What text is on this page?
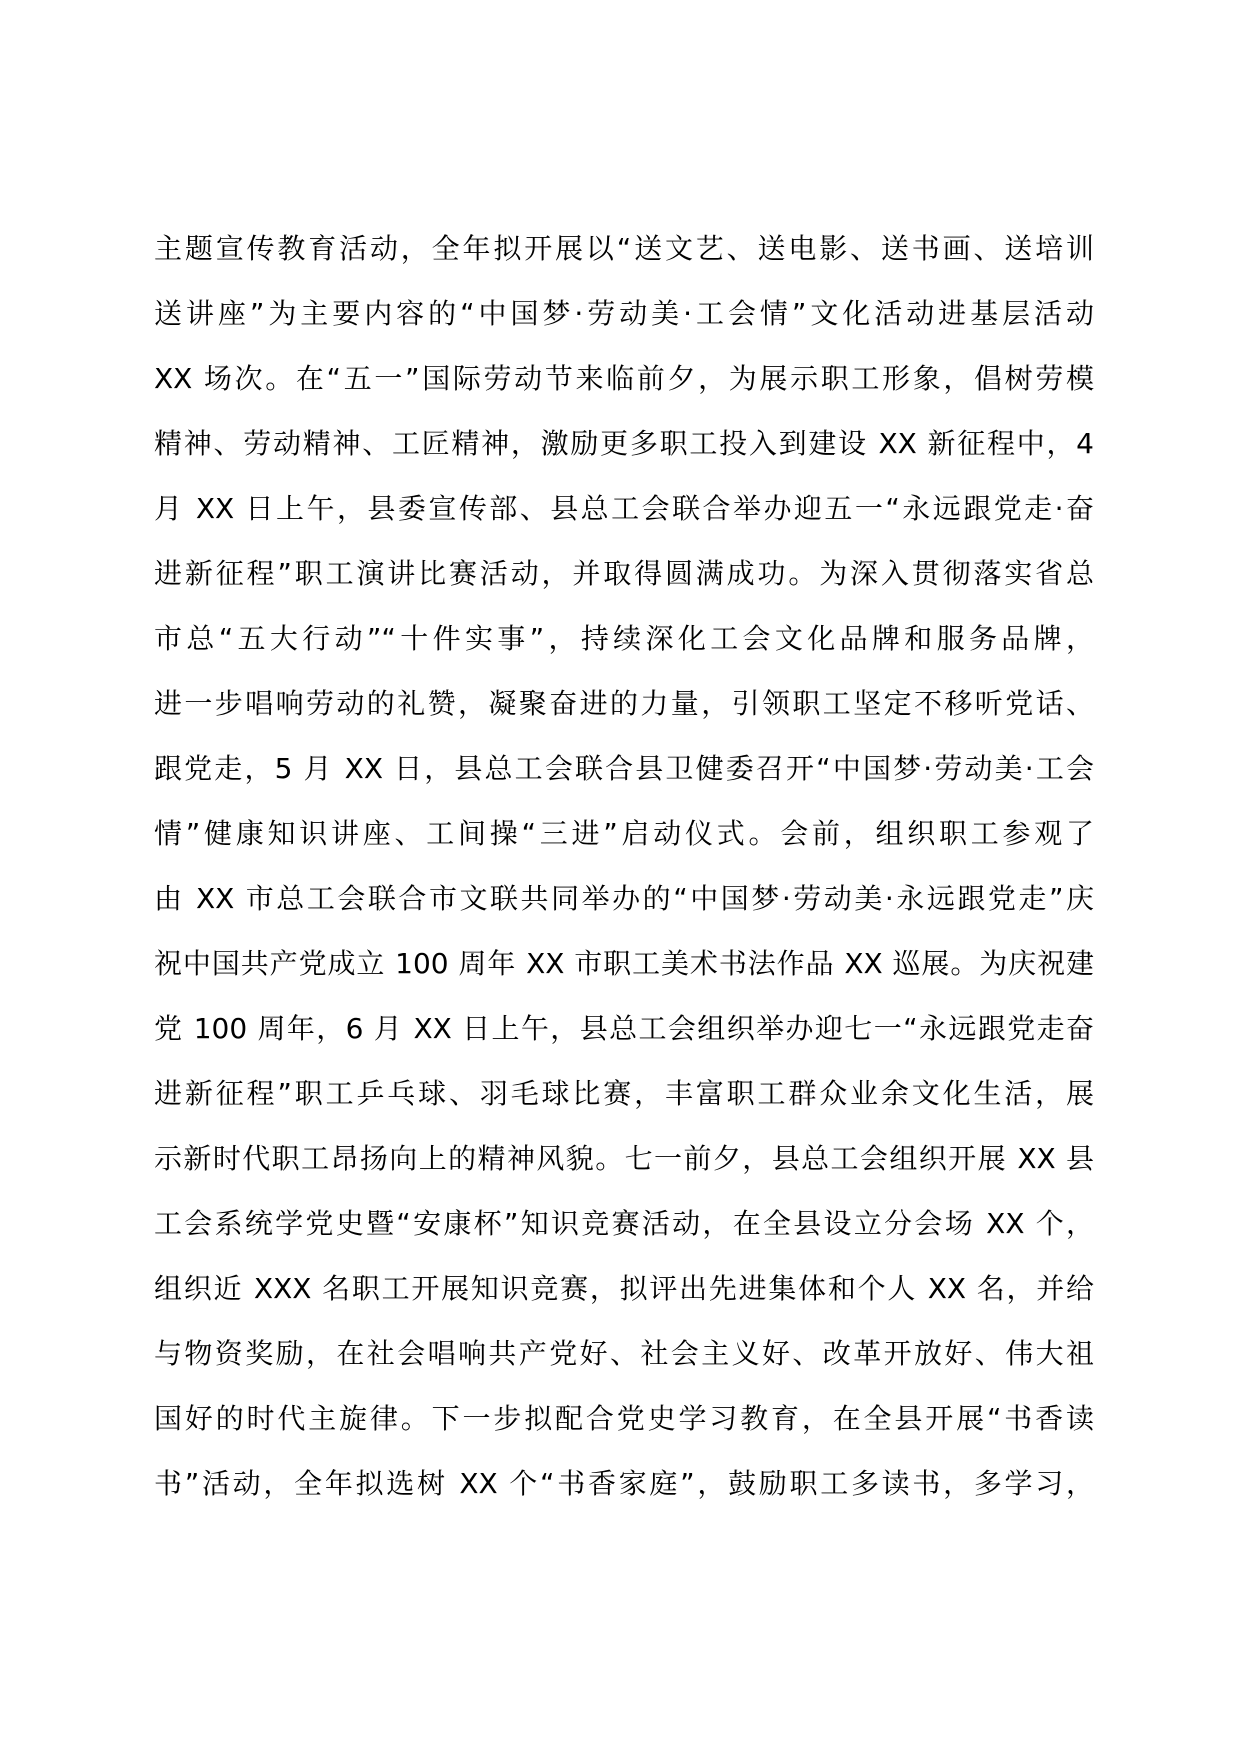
主题宣传教育活动，全年拟开展以“送文艺、送电影、送书画、送培训
送讲座”为主要内容的“中国梦·劳动美·工会情”文化活动进基层活动
XX 场次。在“五一”国际劳动节来临前夕，为展示职工形象，倡树劳模
精神、劳动精神、工匠精神，激励更多职工投入到建设 XX 新征程中，4
月 XX 日上午，县委宣传部、县总工会联合举办迎五一“永远跟党走·奋
进新征程”职工演讲比赛活动，并取得圆满成功。为深入贯彻落实省总
市总“五大行动”“十件实事”，持续深化工会文化品牌和服务品牌，
进一步唱响劳动的礼赞，凝聚奋进的力量，引领职工坚定不移听党话、
跟党走，5 月 XX 日，县总工会联合县卫健委召开“中国梦·劳动美·工会
情”健康知识讲座、工间操“三进”启动仪式。会前，组织职工参观了
由 XX 市总工会联合市文联共同举办的“中国梦·劳动美·永远跟党走”庆
祝中国共产党成立 100 周年 XX 市职工美术书法作品 XX 巡展。为庆祝建
党 100 周年，6 月 XX 日上午，县总工会组织举办迎七一“永远跟党走奋
进新征程”职工乒乓球、羽毛球比赛，丰富职工群众业余文化生活，展
示新时代职工昂扬向上的精神风貌。七一前夕，县总工会组织开展 XX 县
工会系统学党史暨“安康杯”知识竞赛活动，在全县设立分会场 XX 个，
组织近 XXX 名职工开展知识竞赛，拟评出先进集体和个人 XX 名，并给
与物资奖励，在社会唱响共产党好、社会主义好、改革开放好、伟大祖
国好的时代主旋律。下一步拟配合党史学习教育，在全县开展“书香读
书”活动，全年拟选树 XX 个“书香家庭”，鼓励职工多读书，多学习，
